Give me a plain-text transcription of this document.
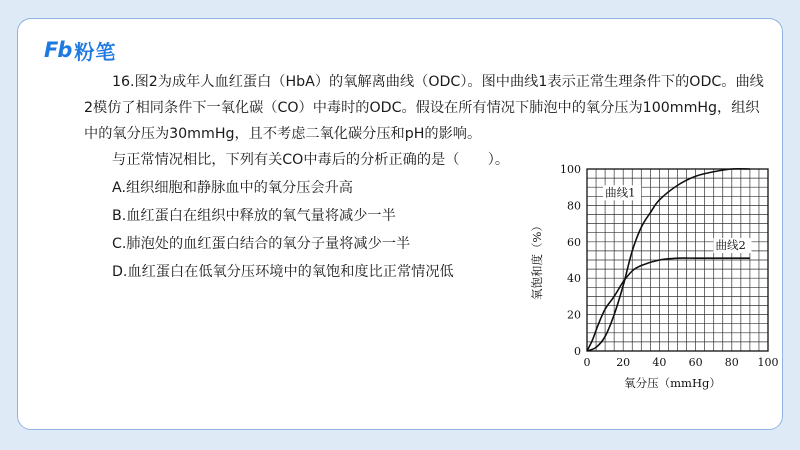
Fb 粉笔

16.图2为成年人血红蛋白（HbA）的氧解离曲线（ODC）。图中曲线1表示正常生理条件下的ODC。曲线2模仿了相同条件下一氧化碳（CO）中毒时的ODC。假设在所有情况下肺泡中的氧分压为100mmHg，组织中的氧分压为30mmHg，且不考虑二氧化碳分压和pH的影响。

与正常情况相比，下列有关CO中毒后的分析正确的是（　　）。

A.组织细胞和静脉血中的氧分压会升高

B.血红蛋白在组织中释放的氧气量将减少一半

C.肺泡处的血红蛋白结合的氧分子量将减少一半

D.血红蛋白在低氧分压环境中的氧饱和度比正常情况低

0 20 40 60 80 100
0
20
40
60
80
100
曲线1
曲线2
氧分压（mmHg）
氧饱和度（%）
